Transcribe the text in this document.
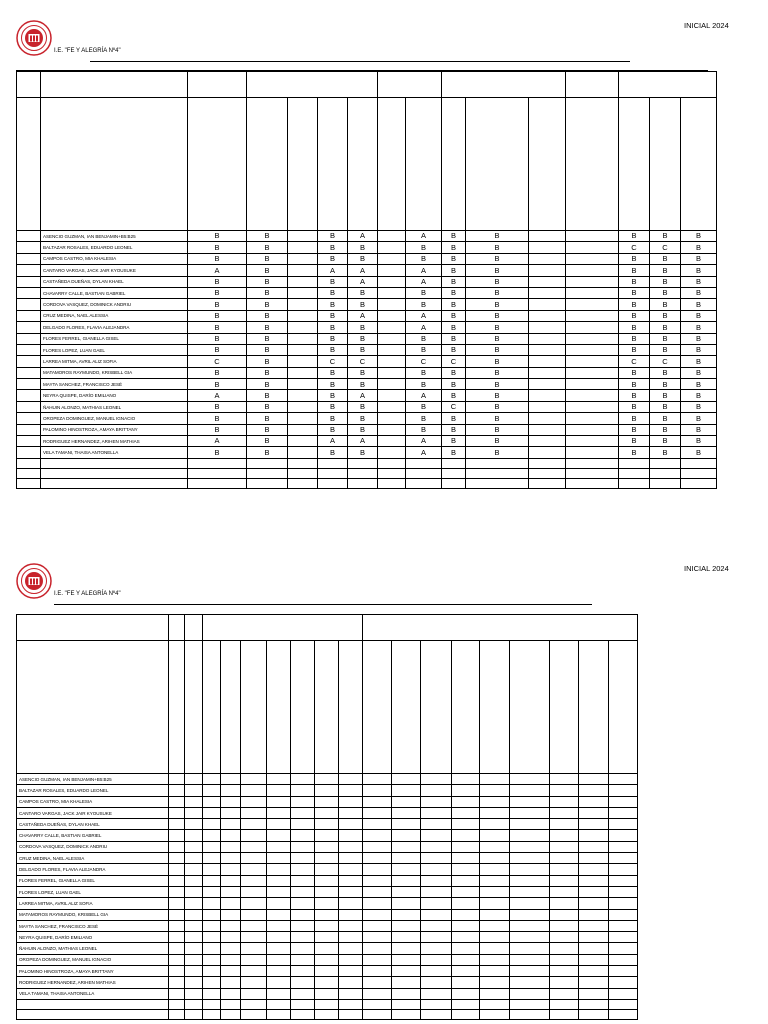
I.E. "FE Y ALEGRÍA Nº4"
INICIAL 2024

	ASENCIO GUZMAN, IAN BENJAMIN+B5:B25	B	B		B	A		A	B	B			B	B	B
	BALTAZAR ROSALES, EDUARDO LEONEL	B	B		B	B		B	B	B			C	C	B
	CAMPOS CASTRO, MIA KHALESIA	B	B		B	B		B	B	B			B	B	B
	CANTARO VARGAS, JACK JAIR KYOUSUKE	A	B		A	A		A	B	B			B	B	B
	CASTAÑEDA DUEÑAS, DYLAN KHAEL	B	B		B	A		A	B	B			B	B	B
	CHAVARRY CALLE, BASTIAN GABRIEL	B	B		B	B		B	B	B			B	B	B
	CORDOVA VASQUEZ, DOMINICK ANDRIU	B	B		B	B		B	B	B			B	B	B
	CRUZ MEDINA, NAEL ALESSIA	B	B		B	A		A	B	B			B	B	B
	DELGADO FLORES, FLAVIA ALEJANDRA	B	B		B	B		A	B	B			B	B	B
	FLORES FERREL, GIANELLA GISEL	B	B		B	B		B	B	B			B	B	B
	FLORES LOPEZ, LUAN GAEL	B	B		B	B		B	B	B			B	B	B
	LARREA MITMA, AVRIL ALIZ SOFIA	C	B		C	C		C	C	B			C	C	B
	MATAMOROS RAYMUNDO, KRISBELL GIA	B	B		B	B		B	B	B			B	B	B
	MAYTA SANCHEZ, FRANCISCO JESÉ	B	B		B	B		B	B	B			B	B	B
	NEYRA QUISPE, DARÍO EMILIANO	A	B		B	A		A	B	B			B	B	B
	ÑAHUIN ALONZO, MATHIAS LEONEL	B	B		B	B		B	C	B			B	B	B
	OROPEZA DOMINGUEZ, MANUEL IGNACIO	B	B		B	B		B	B	B			B	B	B
	PALOMINO HINOSTROZA, AMAYA BRITTANY	B	B		B	B		B	B	B			B	B	B
	RODRIGUEZ HERNANDEZ, ARIHEN MATHIAS	A	B		A	A		A	B	B			B	B	B
	VELA TAMANI, THAISA ANTONELLA	B	B		B	B		A	B	B			B	B	B

I.E. "FE Y ALEGRÍA Nº4"
INICIAL 2024

ASENCIO GUZMAN, IAN BENJAMIN+B5:B25																		
BALTAZAR ROSALES, EDUARDO LEONEL																		
CAMPOS CASTRO, MIA KHALESIA																		
CANTARO VARGAS, JACK JAIR KYOUSUKE																		
CASTAÑEDA DUEÑAS, DYLAN KHAEL																		
CHAVARRY CALLE, BASTIAN GABRIEL																		
CORDOVA VASQUEZ, DOMINICK ANDRIU																		
CRUZ MEDINA, NAEL ALESSIA																		
DELGADO FLORES, FLAVIA ALEJANDRA																		
FLORES FERREL, GIANELLA GISEL																		
FLORES LOPEZ, LUAN GAEL																		
LARREA MITMA, AVRIL ALIZ SOFIA																		
MATAMOROS RAYMUNDO, KRISBELL GIA																		
MAYTA SANCHEZ, FRANCISCO JESÉ																		
NEYRA QUISPE, DARÍO EMILIANO																		
ÑAHUIN ALONZO, MATHIAS LEONEL																		
OROPEZA DOMINGUEZ, MANUEL IGNACIO																		
PALOMINO HINOSTROZA, AMAYA BRITTANY																		
RODRIGUEZ HERNANDEZ, ARIHEN MATHIAS																		
VELA TAMANI, THAISA ANTONELLA																		
